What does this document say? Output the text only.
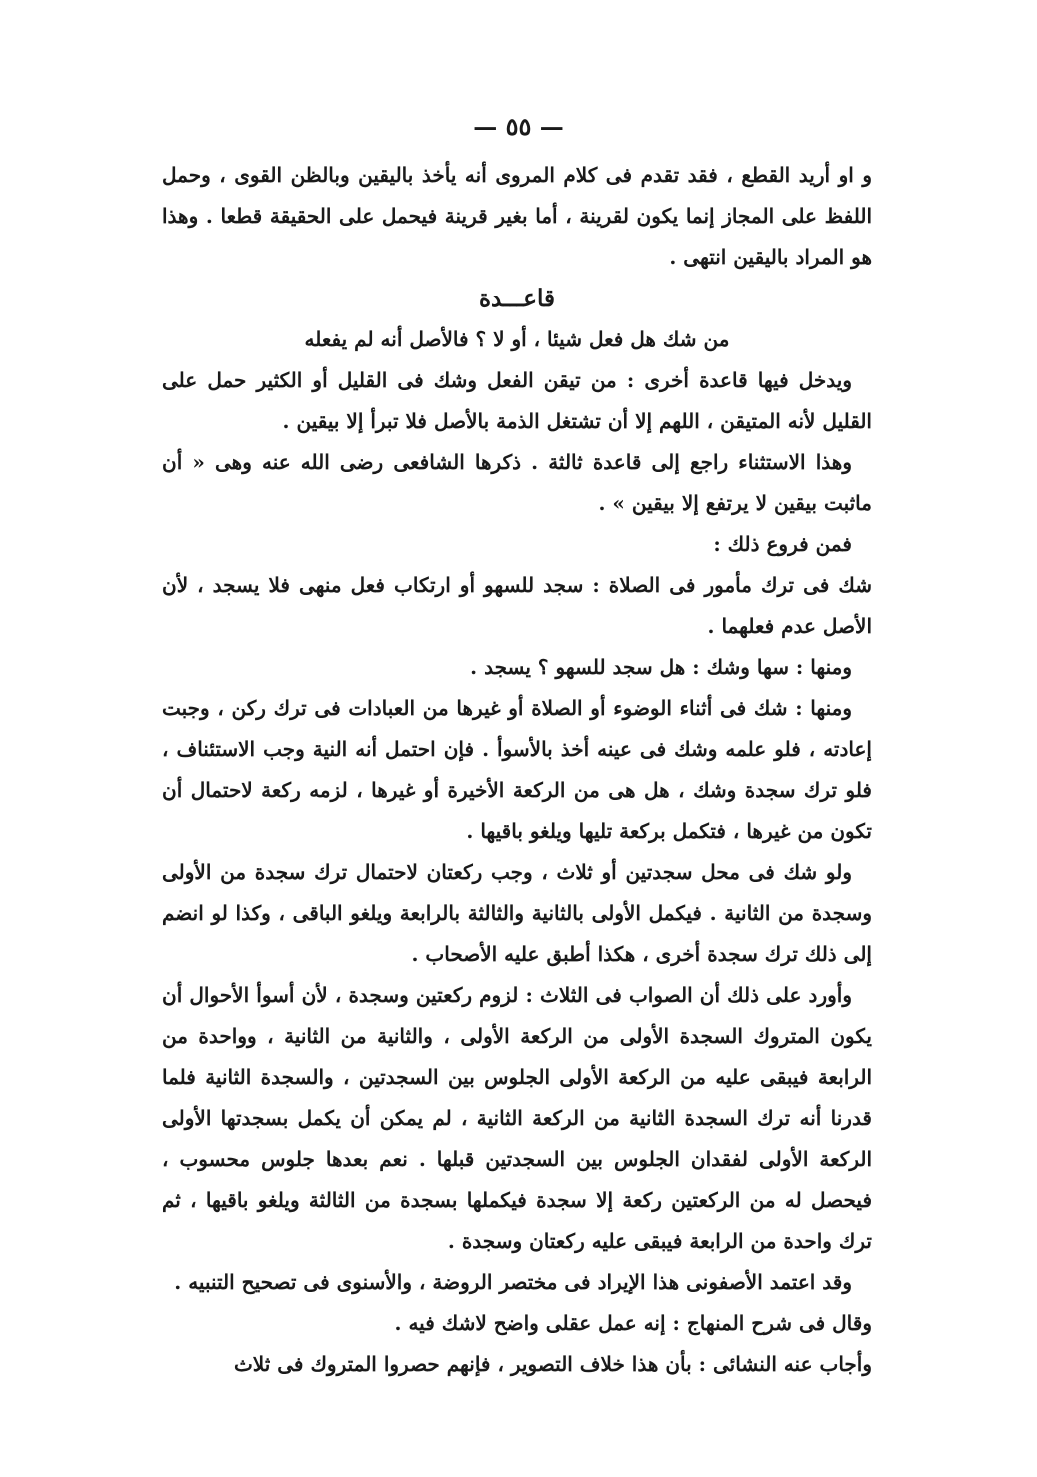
— ٥٥ —

و او أريد القطع ، فقد تقدم فى كلام المروى أنه يأخذ باليقين وبالظن القوى ، وحمل اللفظ على المجاز إنما يكون لقرينة ، أما بغير قرينة فيحمل على الحقيقة قطعا . وهذا هو المراد باليقين انتهى .

قاعـــدة

من شك هل فعل شيئا ، أو لا ؟ فالأصل أنه لم يفعله

ويدخل فيها قاعدة أخرى : من تيقن الفعل وشك فى القليل أو الكثير حمل على القليل لأنه المتيقن ، اللهم إلا أن تشتغل الذمة بالأصل فلا تبرأ إلا بيقين .

وهذا الاستثناء راجع إلى قاعدة ثالثة . ذكرها الشافعى رضى الله عنه وهى « أن ماثبت بيقين لا يرتفع إلا بيقين » .

فمن فروع ذلك :

شك فى ترك مأمور فى الصلاة : سجد للسهو أو ارتكاب فعل منهى فلا يسجد ، لأن الأصل عدم فعلهما .

ومنها : سها وشك : هل سجد للسهو ؟ يسجد .

ومنها : شك فى أثناء الوضوء أو الصلاة أو غيرها من العبادات فى ترك ركن ، وجبت إعادته ، فلو علمه وشك فى عينه أخذ بالأسوأ . فإن احتمل أنه النية وجب الاستئناف ، فلو ترك سجدة وشك ، هل هى من الركعة الأخيرة أو غيرها ، لزمه ركعة لاحتمال أن تكون من غيرها ، فتكمل بركعة تليها ويلغو باقيها .

ولو شك فى محل سجدتين أو ثلاث ، وجب ركعتان لاحتمال ترك سجدة من الأولى وسجدة من الثانية . فيكمل الأولى بالثانية والثالثة بالرابعة ويلغو الباقى ، وكذا لو انضم إلى ذلك ترك سجدة أخرى ، هكذا أطبق عليه الأصحاب .

وأورد على ذلك أن الصواب فى الثلاث : لزوم ركعتين وسجدة ، لأن أسوأ الأحوال أن يكون المتروك السجدة الأولى من الركعة الأولى ، والثانية من الثانية ، وواحدة من الرابعة فيبقى عليه من الركعة الأولى الجلوس بين السجدتين ، والسجدة الثانية فلما قدرنا أنه ترك السجدة الثانية من الركعة الثانية ، لم يمكن أن يكمل بسجدتها الأولى الركعة الأولى لفقدان الجلوس بين السجدتين قبلها . نعم بعدها جلوس محسوب ، فيحصل له من الركعتين ركعة إلا سجدة فيكملها بسجدة من الثالثة ويلغو باقيها ، ثم ترك واحدة من الرابعة فيبقى عليه ركعتان وسجدة .

وقد اعتمد الأصفونى هذا الإيراد فى مختصر الروضة ، والأسنوى فى تصحيح التنبيه .

وقال فى شرح المنهاج : إنه عمل عقلى واضح لاشك فيه .

وأجاب عنه النشائى : بأن هذا خلاف التصوير ، فإنهم حصروا المتروك فى ثلاث
